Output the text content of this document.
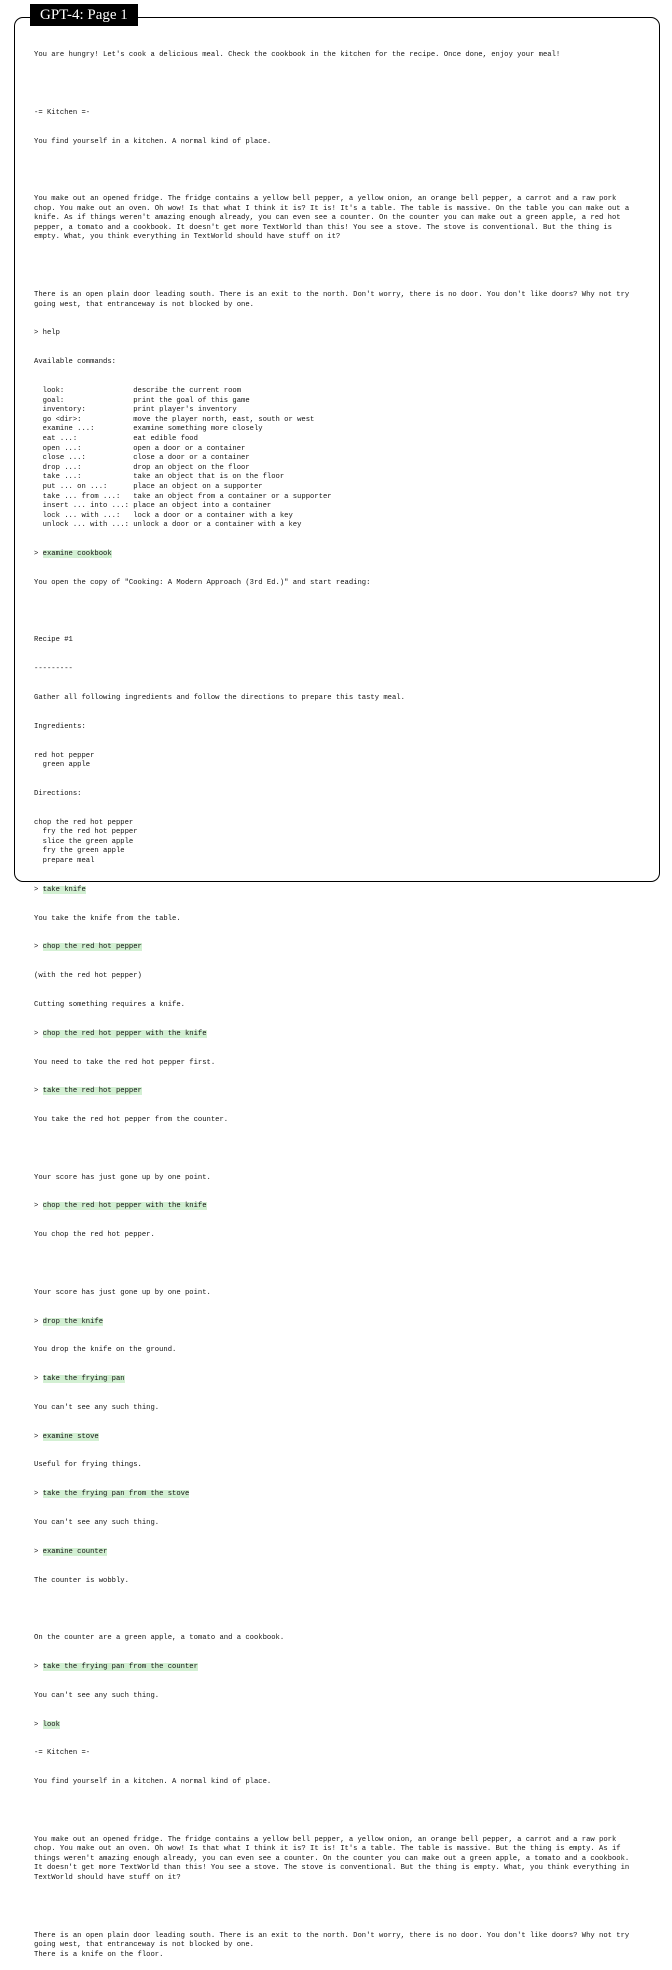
GPT-4: Page 1

You are hungry! Let's cook a delicious meal. Check the cookbook in the kitchen for the recipe. Once done, enjoy your meal!

-= Kitchen =-

You find yourself in a kitchen. A normal kind of place.

You make out an opened fridge. The fridge contains a yellow bell pepper, a yellow onion, an orange bell pepper, a carrot and a raw pork
chop. You make out an oven. Oh wow! Is that what I think it is? It is! It's a table. The table is massive. On the table you can make out a
knife. As if things weren't amazing enough already, you can even see a counter. On the counter you can make out a green apple, a red hot
pepper, a tomato and a cookbook. It doesn't get more TextWorld than this! You see a stove. The stove is conventional. But the thing is
empty. What, you think everything in TextWorld should have stuff on it?

There is an open plain door leading south. There is an exit to the north. Don't worry, there is no door. You don't like doors? Why not try
going west, that entranceway is not blocked by one.

> help

Available commands:

look:                describe the current room
goal:                print the goal of this game
inventory:           print player's inventory
go <dir>:            move the player north, east, south or west
examine ...:         examine something more closely
eat ...:             eat edible food
open ...:            open a door or a container
close ...:           close a door or a container
drop ...:            drop an object on the floor
take ...:            take an object that is on the floor
put ... on ...:      place an object on a supporter
take ... from ...:   take an object from a container or a supporter
insert ... into ...: place an object into a container
lock ... with ...:   lock a door or a container with a key
unlock ... with ...: unlock a door or a container with a key

> examine cookbook

You open the copy of "Cooking: A Modern Approach (3rd Ed.)" and start reading:

Recipe #1

---------

Gather all following ingredients and follow the directions to prepare this tasty meal.

Ingredients:

red hot pepper
green apple

Directions:

chop the red hot pepper
fry the red hot pepper
slice the green apple
fry the green apple
prepare meal

> take knife

You take the knife from the table.

> chop the red hot pepper

(with the red hot pepper)

Cutting something requires a knife.

> chop the red hot pepper with the knife

You need to take the red hot pepper first.

> take the red hot pepper

You take the red hot pepper from the counter.

Your score has just gone up by one point.

> chop the red hot pepper with the knife

You chop the red hot pepper.

Your score has just gone up by one point.

> drop the knife

You drop the knife on the ground.

> take the frying pan

You can't see any such thing.

> examine stove

Useful for frying things.

> take the frying pan from the stove

You can't see any such thing.

> examine counter

The counter is wobbly.

On the counter are a green apple, a tomato and a cookbook.

> take the frying pan from the counter

You can't see any such thing.

> look

-= Kitchen =-

You find yourself in a kitchen. A normal kind of place.

You make out an opened fridge. The fridge contains a yellow bell pepper, a yellow onion, an orange bell pepper, a carrot and a raw pork
chop. You make out an oven. Oh wow! Is that what I think it is? It is! It's a table. The table is massive. But the thing is empty. As if
things weren't amazing enough already, you can even see a counter. On the counter you can make out a green apple, a tomato and a cookbook.
It doesn't get more TextWorld than this! You see a stove. The stove is conventional. But the thing is empty. What, you think everything in
TextWorld should have stuff on it?

There is an open plain door leading south. There is an exit to the north. Don't worry, there is no door. You don't like doors? Why not try
going west, that entranceway is not blocked by one.
There is a knife on the floor.
